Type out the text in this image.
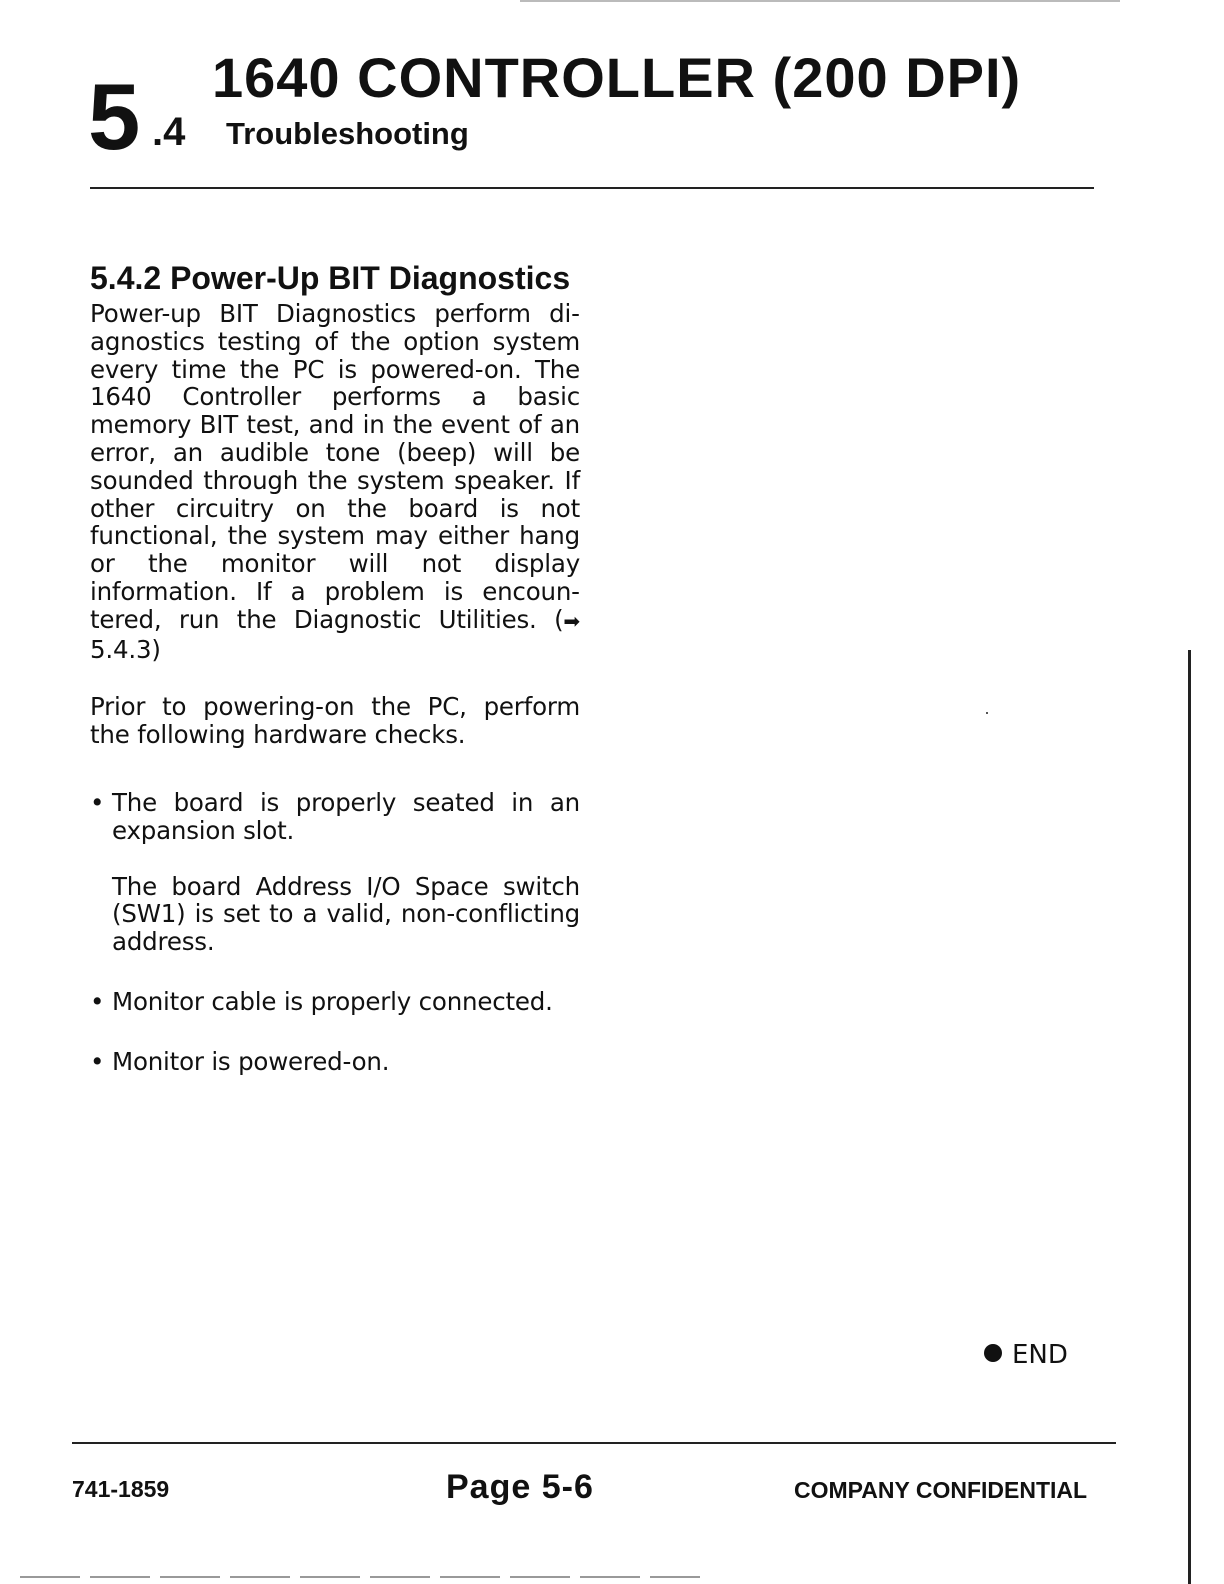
5 .4
1640 CONTROLLER (200 DPI)
Troubleshooting
5.4.2 Power-Up BIT Diagnostics

Power-up BIT Diagnostics perform diagnostics testing of the option system every time the PC is powered-on. The 1640 Controller performs a basic memory BIT test, and in the event of an error, an audible tone (beep) will be sounded through the system speaker. If other circuitry on the board is not functional, the system may either hang or the monitor will not display information. If a problem is encountered, run the Diagnostic Utilities. (➡5.4.3)

Prior to powering-on the PC, perform the following hardware checks.

• The board is properly seated in an expansion slot.

The board Address I/O Space switch (SW1) is set to a valid, non-conflicting address.

• Monitor cable is properly connected.

• Monitor is powered-on.

END
741-1859	Page 5-6	COMPANY CONFIDENTIAL
